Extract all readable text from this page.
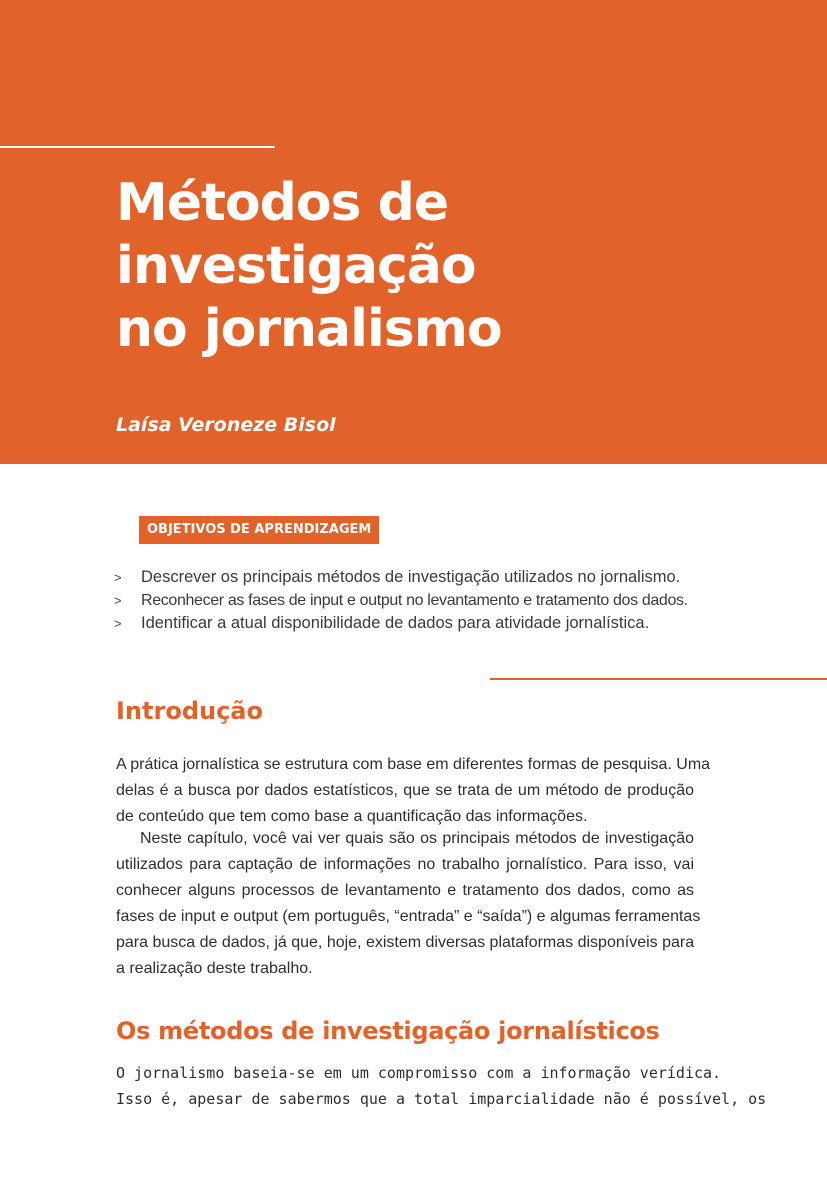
Métodos de
investigação
no jornalismo
Laísa Veroneze Bisol
OBJETIVOS DE APRENDIZAGEM
> Descrever os principais métodos de investigação utilizados no jornalismo.
> Reconhecer as fases de input e output no levantamento e tratamento dos dados.
> Identificar a atual disponibilidade de dados para atividade jornalística.
Introdução

A prática jornalística se estrutura com base em diferentes formas de pesquisa. Uma
delas é a busca por dados estatísticos, que se trata de um método de produção
de conteúdo que tem como base a quantificação das informações.

Neste capítulo, você vai ver quais são os principais métodos de investigação
utilizados para captação de informações no trabalho jornalístico. Para isso, vai
conhecer alguns processos de levantamento e tratamento dos dados, como as
fases de input e output (em português, “entrada” e “saída”) e algumas ferramentas
para busca de dados, já que, hoje, existem diversas plataformas disponíveis para
a realização deste trabalho.

Os métodos de investigação jornalísticos

O jornalismo baseia-se em um compromisso com a informação verídica.
Isso é, apesar de sabermos que a total imparcialidade não é possível, os
